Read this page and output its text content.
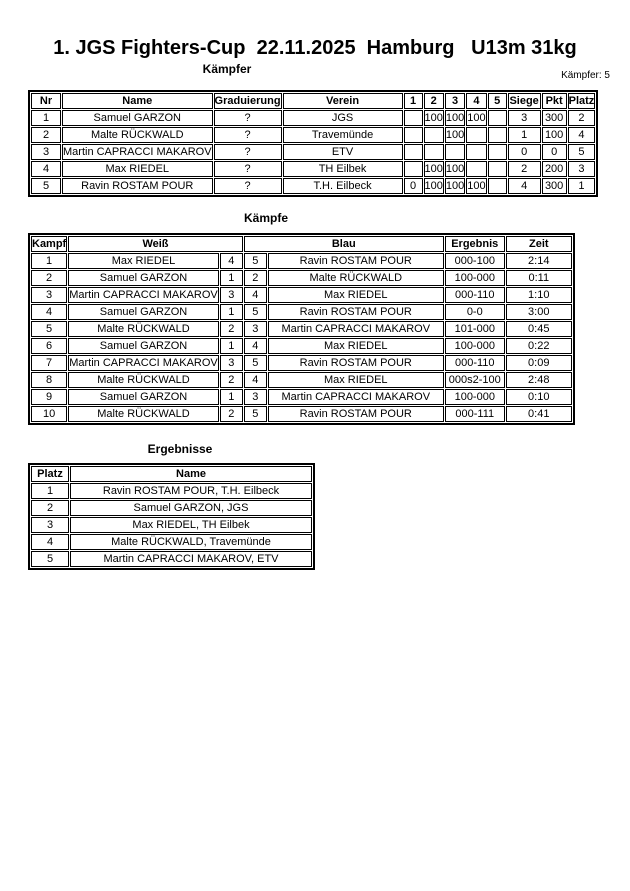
1. JGS Fighters-Cup  22.11.2025  Hamburg   U13m 31kg
Kämpfer	Kämpfer: 5
Nr	Name	Graduierung	Verein	1	2	3	4	5	Siege	Pkt	Platz
1	Samuel GARZON	?	JGS		100	100	100		3	300	2
2	Malte RÜCKWALD	?	Travemünde			100			1	100	4
3	Martin CAPRACCI MAKAROV	?	ETV						0	0	5
4	Max RIEDEL	?	TH Eilbek		100	100			2	200	3
5	Ravin ROSTAM POUR	?	T.H. Eilbeck	0	100	100	100		4	300	1
Kämpfe
Kampf	Weiß		Blau		Ergebnis	Zeit
1	Max RIEDEL	4	5	Ravin ROSTAM POUR	000-100	2:14
2	Samuel GARZON	1	2	Malte RÜCKWALD	100-000	0:11
3	Martin CAPRACCI MAKAROV	3	4	Max RIEDEL	000-110	1:10
4	Samuel GARZON	1	5	Ravin ROSTAM POUR	0-0	3:00
5	Malte RÜCKWALD	2	3	Martin CAPRACCI MAKAROV	101-000	0:45
6	Samuel GARZON	1	4	Max RIEDEL	100-000	0:22
7	Martin CAPRACCI MAKAROV	3	5	Ravin ROSTAM POUR	000-110	0:09
8	Malte RÜCKWALD	2	4	Max RIEDEL	000s2-100	2:48
9	Samuel GARZON	1	3	Martin CAPRACCI MAKAROV	100-000	0:10
10	Malte RÜCKWALD	2	5	Ravin ROSTAM POUR	000-111	0:41
Ergebnisse
Platz	Name
1	Ravin ROSTAM POUR, T.H. Eilbeck
2	Samuel GARZON, JGS
3	Max RIEDEL, TH Eilbek
4	Malte RÜCKWALD, Travemünde
5	Martin CAPRACCI MAKAROV, ETV
